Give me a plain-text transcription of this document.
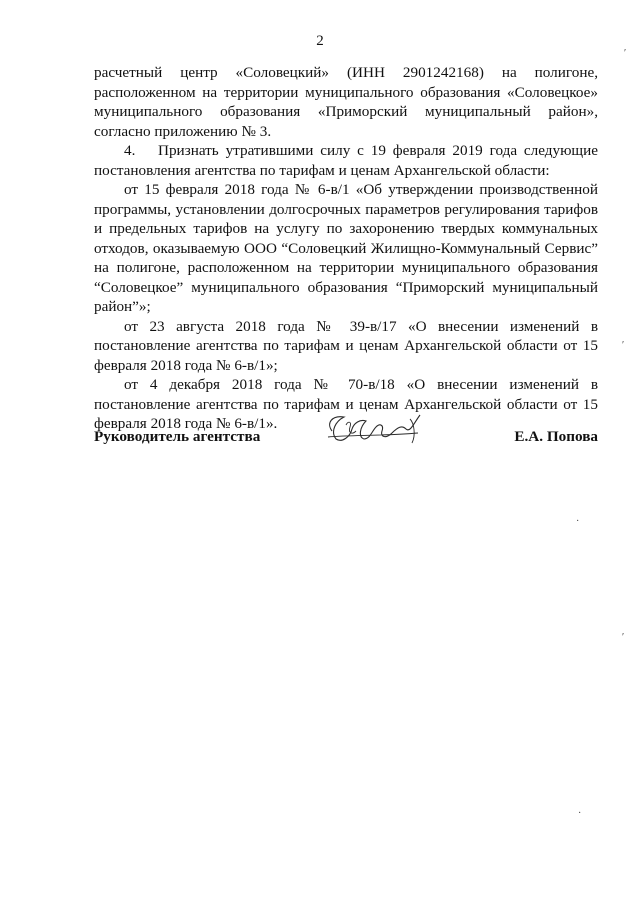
2

расчетный центр «Соловецкий» (ИНН 2901242168) на полигоне, расположенном на территории муниципального образования «Соловецкое» муниципального образования «Приморский муниципальный район», согласно приложению № 3.

4. Признать утратившими силу с 19 февраля 2019 года следующие постановления агентства по тарифам и ценам Архангельской области:

от 15 февраля 2018 года № 6-в/1 «Об утверждении производственной программы, установлении долгосрочных параметров регулирования тарифов и предельных тарифов на услугу по захоронению твердых коммунальных отходов, оказываемую ООО “Соловецкий Жилищно-Коммунальный Сервис” на полигоне, расположенном на территории муниципального образования “Соловецкое” муниципального образования “Приморский муниципальный район”»;

от 23 августа 2018 года № 39-в/17 «О внесении изменений в постановление агентства по тарифам и ценам Архангельской области от 15 февраля 2018 года № 6-в/1»;

от 4 декабря 2018 года № 70-в/18 «О внесении изменений в постановление агентства по тарифам и ценам Архангельской области от 15 февраля 2018 года № 6-в/1».

Руководитель агентства	Е.А. Попова
′
′
·
′
·
